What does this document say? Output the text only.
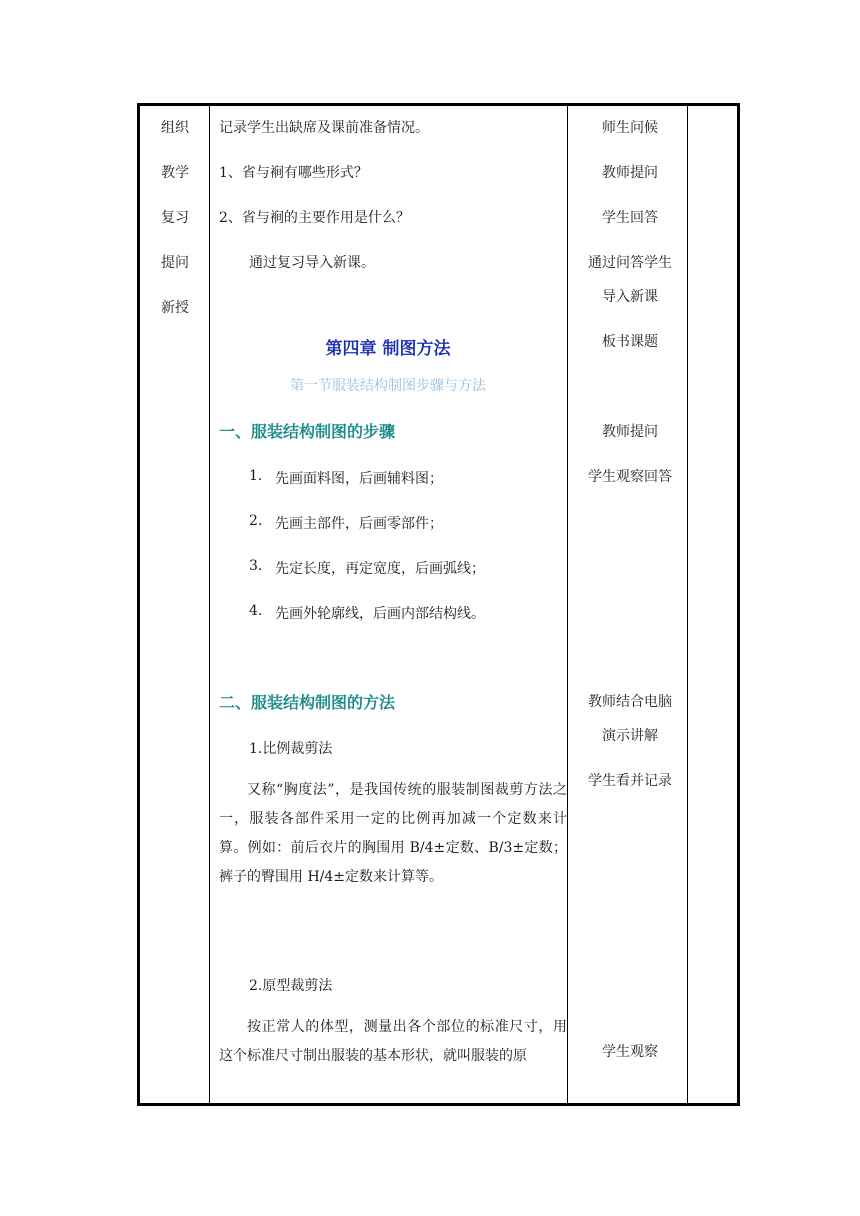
组织
教学
复习
提问
新授
记录学生出缺席及课前准备情况。
1、省与裥有哪些形式？
2、省与裥的主要作用是什么？
通过复习导入新课。
第四章 制图方法
第一节服装结构制图步骤与方法
一、服装结构制图的步骤
1. 先画面料图，后画辅料图；
2. 先画主部件，后画零部件；
3. 先定长度，再定宽度，后画弧线；
4. 先画外轮廓线，后画内部结构线。
二、服装结构制图的方法
1.比例裁剪法
又称“胸度法”，是我国传统的服装制图裁剪方法之一，服装各部件采用一定的比例再加减一个定数来计算。例如：前后衣片的胸围用 B/4±定数、B/3±定数；裤子的臀围用 H/4±定数来计算等。
2.原型裁剪法
按正常人的体型，测量出各个部位的标准尺寸，用这个标准尺寸制出服装的基本形状，就叫服装的原
师生问候
教师提问
学生回答
通过问答学生
导入新课
板书课题
教师提问
学生观察回答
教师结合电脑
演示讲解
学生看并记录
学生观察
